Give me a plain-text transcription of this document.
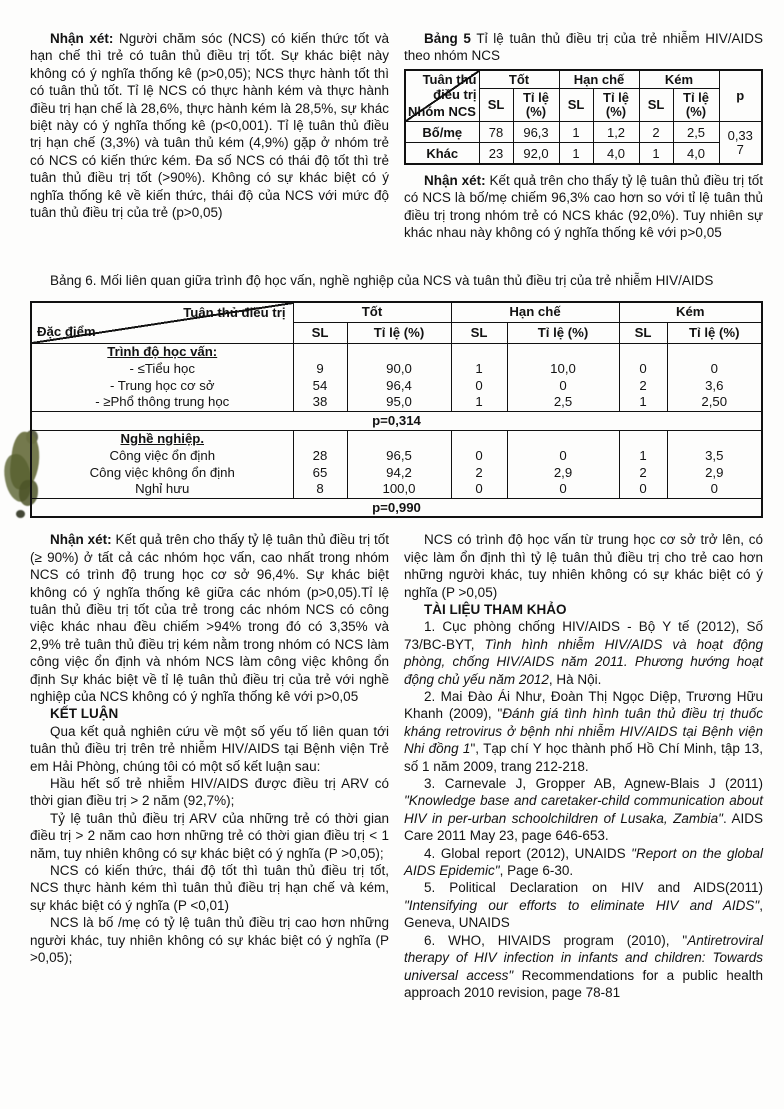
Nhận xét: Người chăm sóc (NCS) có kiến thức tốt và hạn chế thì trẻ có tuân thủ điều trị tốt. Sự khác biệt này không có ý nghĩa thống kê (p>0,05); NCS thực hành tốt thì có tuân thủ tốt. Tỉ lệ NCS có thực hành kém và thực hành điều trị hạn chế là 28,6%, thực hành kém là 28,5%, sự khác biệt này có ý nghĩa thống kê (p<0,001). Tỉ lệ tuân thủ điều trị hạn chế (3,3%) và tuân thủ kém (4,9%) gặp ở nhóm trẻ có NCS có kiến thức kém. Đa số NCS có thái độ tốt thì trẻ tuân thủ điều trị tốt (>90%). Không có sự khác biệt có ý nghĩa thống kê về kiến thức, thái độ của NCS với mức độ tuân thủ điều trị của trẻ (p>0,05)

Bảng 5 Tỉ lệ tuân thủ điều trị của trẻ nhiễm HIV/AIDS theo nhóm NCS

Tuân thủ
điều trị
Nhóm NCS	Tốt		Hạn chế		Kém		p
	SL	Tỉ lệ (%)	SL	Tỉ lệ (%)	SL	Tỉ lệ (%)	
Bố/mẹ	78	96,3	1	1,2	2	2,5	0,33
7

Khác	23	92,0	1	4,0	1	4,0	

Nhận xét: Kết quả trên cho thấy tỷ lệ tuân thủ điều trị tốt có NCS là bố/mẹ chiếm 96,3% cao hơn so với tỉ lệ tuân thủ điều trị trong nhóm trẻ có NCS khác (92,0%). Tuy nhiên sự khác nhau này không có ý nghĩa thống kê với p>0,05

Bảng 6. Mối liên quan giữa trình độ học vấn, nghề nghiệp của NCS và tuân thủ điều trị của trẻ nhiễm HIV/AIDS

Tuân thủ điều trị
Đặc điểm	Tốt		Hạn chế		Kém	
	SL	Tỉ lệ (%)	SL	Tỉ lệ (%)	SL	Tỉ lệ (%)
Trình độ học vấn:						
- ≤Tiểu học	9	90,0	1	10,0	0	0
- Trung học cơ sở	54	96,4	0	0	2	3,6
- ≥Phổ thông trung học	38	95,0	1	2,5	1	2,50
p=0,314						
Nghề nghiệp.						
Công việc ổn định	28	96,5	0	0	1	3,5
Công việc không ổn định	65	94,2	2	2,9	2	2,9
Nghỉ hưu	8	100,0	0	0	0	0
p=0,990						

Nhận xét: Kết quả trên cho thấy tỷ lệ tuân thủ điều trị tốt (≥ 90%) ở tất cả các nhóm học vấn, cao nhất trong nhóm NCS có trình độ trung học cơ sở 96,4%. Sự khác biệt không có ý nghĩa thống kê giữa các nhóm (p>0,05).Tỉ lệ tuân thủ điều trị tốt của trẻ trong các nhóm NCS có công việc khác nhau đều chiếm >94% trong đó có 3,35% và 2,9% trẻ tuân thủ điều trị kém nằm trong nhóm có NCS làm công việc ổn định và nhóm NCS làm công việc không ổn định Sự khác biệt về tỉ lệ tuân thủ điều trị của trẻ với nghề nghiệp của NCS không có ý nghĩa thống kê với p>0,05

KẾT LUẬN

Qua kết quả nghiên cứu về một số yếu tố liên quan tới tuân thủ điều trị trên trẻ nhiễm HIV/AIDS tại Bệnh viện Trẻ em Hải Phòng, chúng tôi có một số kết luận sau:

Hầu hết số trẻ nhiễm HIV/AIDS được điều trị ARV có thời gian điều trị > 2 năm (92,7%);

Tỷ lệ tuân thủ điều trị ARV của những trẻ có thời gian điều trị > 2 năm cao hơn những trẻ có thời gian điều trị < 1 năm, tuy nhiên không có sự khác biệt có ý nghĩa (P >0,05);

NCS có kiến thức, thái độ tốt thì tuân thủ điều trị tốt, NCS thực hành kém thì tuân thủ điều trị hạn chế và kém, sự khác biệt có ý nghĩa (P <0,01)

NCS là bố /mẹ có tỷ lệ tuân thủ điều trị cao hơn những người khác, tuy nhiên không có sự khác biệt có ý nghĩa (P >0,05);

NCS có trình độ học vấn từ trung học cơ sở trở lên, có việc làm ổn định thì tỷ lệ tuân thủ điều trị cho trẻ cao hơn những người khác, tuy nhiên không có sự khác biệt có ý nghĩa (P >0,05)

TÀI LIỆU THAM KHẢO

1. Cục phòng chống HIV/AIDS - Bộ Y tế (2012), Số 73/BC-BYT, Tình hình nhiễm HIV/AIDS và hoạt động phòng, chống HIV/AIDS năm 2011. Phương hướng hoạt động chủ yếu năm 2012, Hà Nội.

2. Mai Đào Ái Như, Đoàn Thị Ngọc Diệp, Trương Hữu Khanh (2009), "Đánh giá tình hình tuân thủ điều trị thuốc kháng retrovirus ở bệnh nhi nhiễm HIV/AIDS tại Bệnh viện Nhi đồng 1", Tạp chí Y học thành phố Hồ Chí Minh, tập 13, số 1 năm 2009, trang 212-218.

3. Carnevale J, Gropper AB, Agnew-Blais J (2011) "Knowledge base and caretaker-child communication about HIV in per-urban schoolchildren of Lusaka, Zambia". AIDS Care 2011 May 23, page 646-653.

4. Global report (2012), UNAIDS "Report on the global AIDS Epidemic", Page 6-30.

5. Political Declaration on HIV and AIDS(2011) "Intensifying our efforts to eliminate HIV and AIDS", Geneva, UNAIDS

6. WHO, HIVAIDS program (2010), "Antiretroviral therapy of HIV infection in infants and children: Towards universal access" Recommendations for a public health approach 2010 revision, page 78-81
